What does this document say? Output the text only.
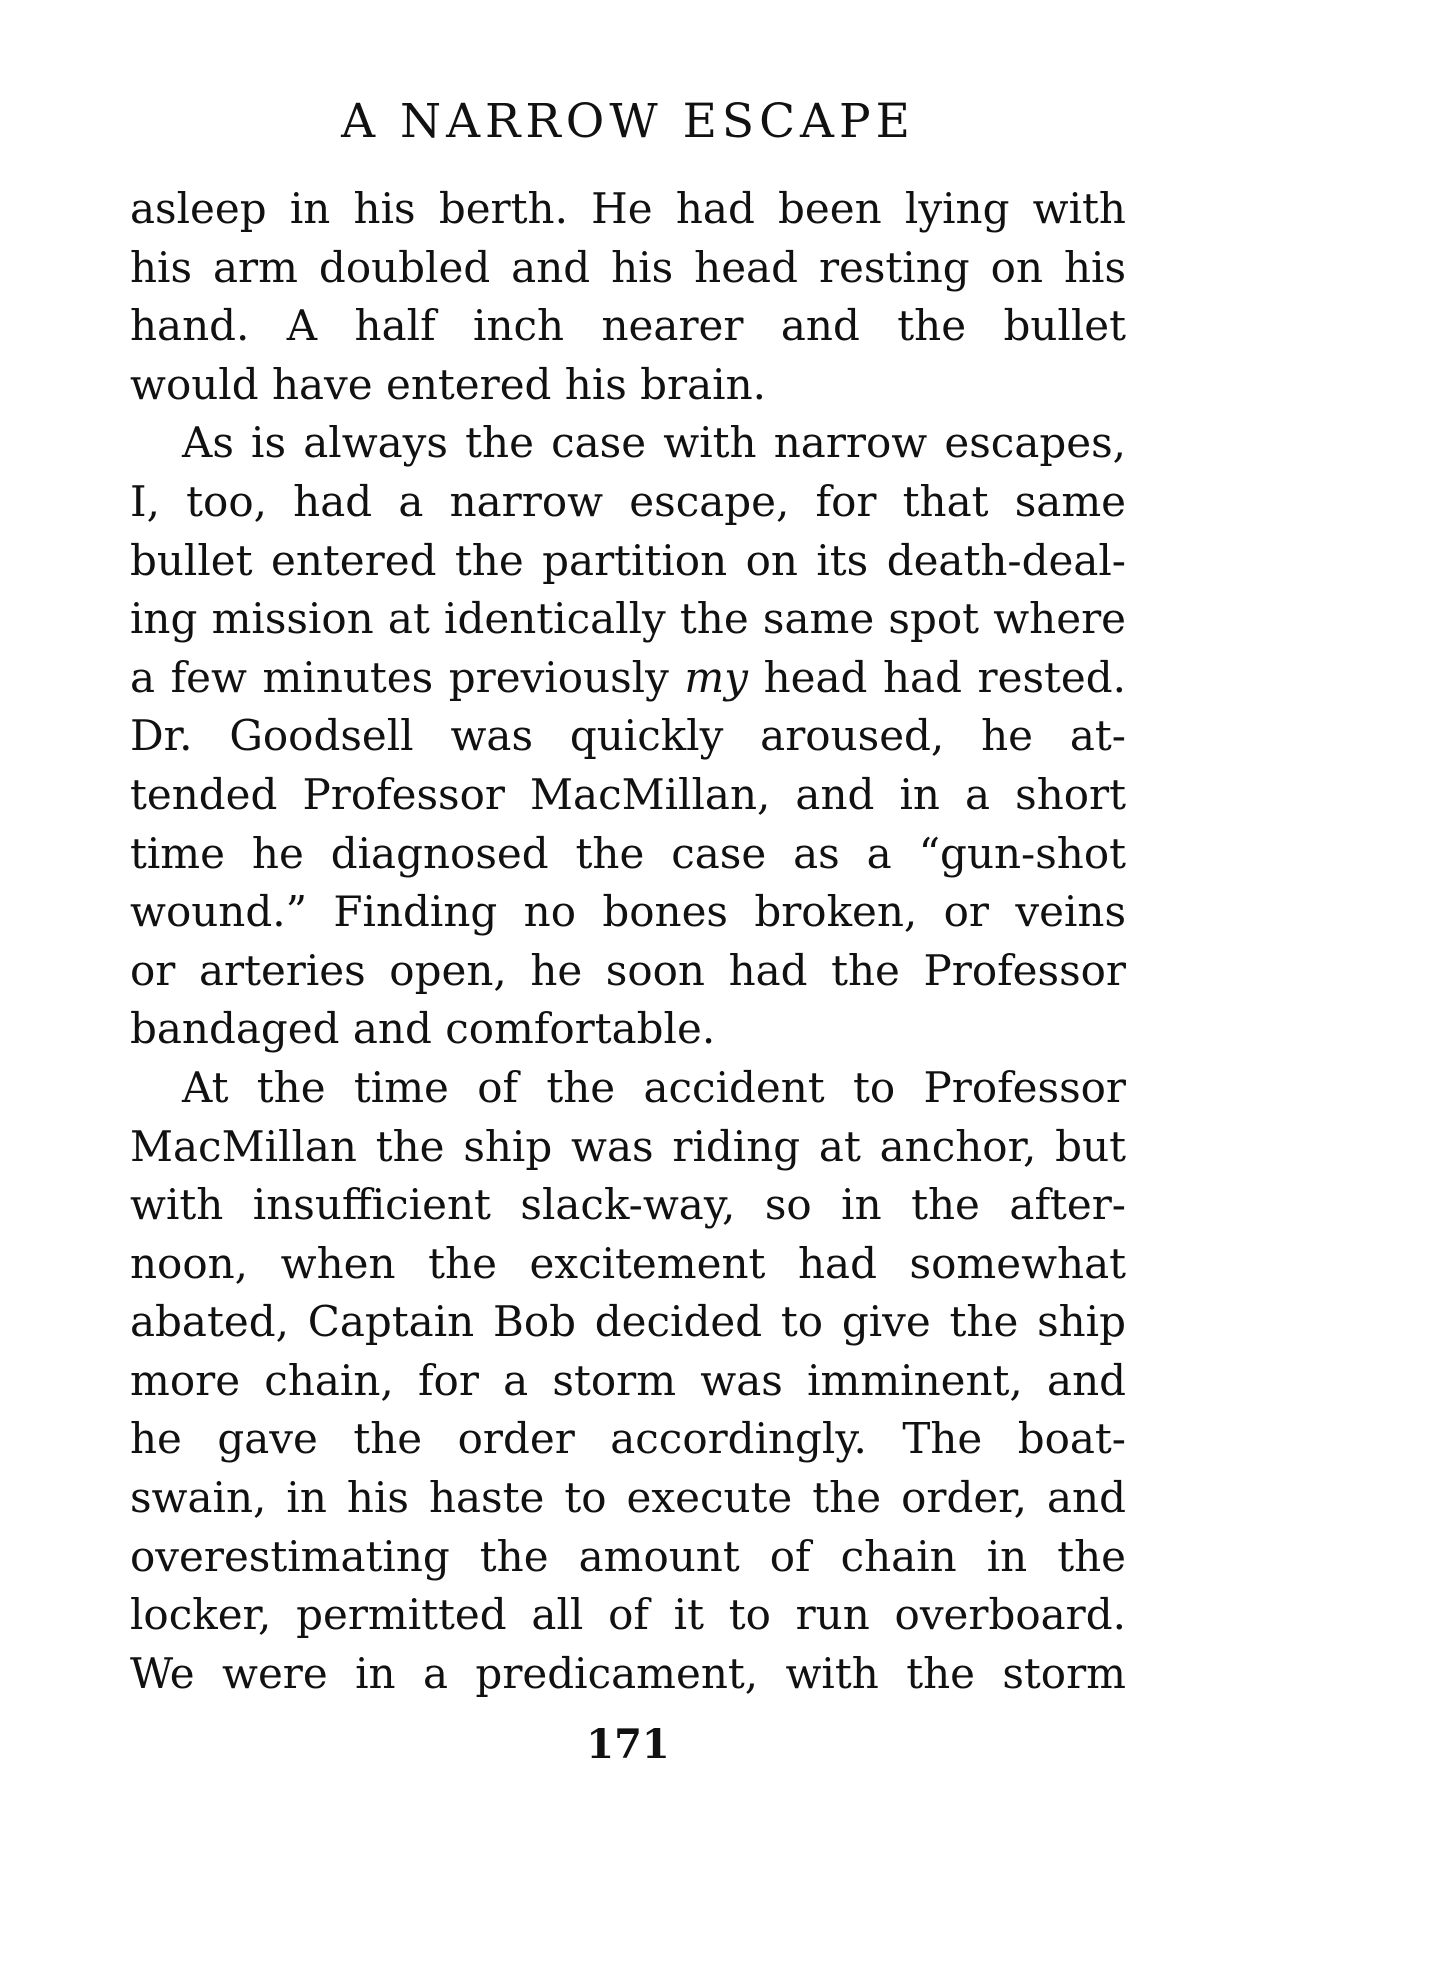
A NARROW ESCAPE
asleep in his berth. He had been lying with
his arm doubled and his head resting on his
hand. A half inch nearer and the bullet
would have entered his brain.
As is always the case with narrow escapes,
I, too, had a narrow escape, for that same
bullet entered the partition on its death-deal-
ing mission at identically the same spot where
a few minutes previously my head had rested.
Dr. Goodsell was quickly aroused, he at-
tended Professor MacMillan, and in a short
time he diagnosed the case as a “gun-shot
wound.” Finding no bones broken, or veins
or arteries open, he soon had the Professor
bandaged and comfortable.
At the time of the accident to Professor
MacMillan the ship was riding at anchor, but
with insufficient slack-way, so in the after-
noon, when the excitement had somewhat
abated, Captain Bob decided to give the ship
more chain, for a storm was imminent, and
he gave the order accordingly. The boat-
swain, in his haste to execute the order, and
overestimating the amount of chain in the
locker, permitted all of it to run overboard.
We were in a predicament, with the storm
171
